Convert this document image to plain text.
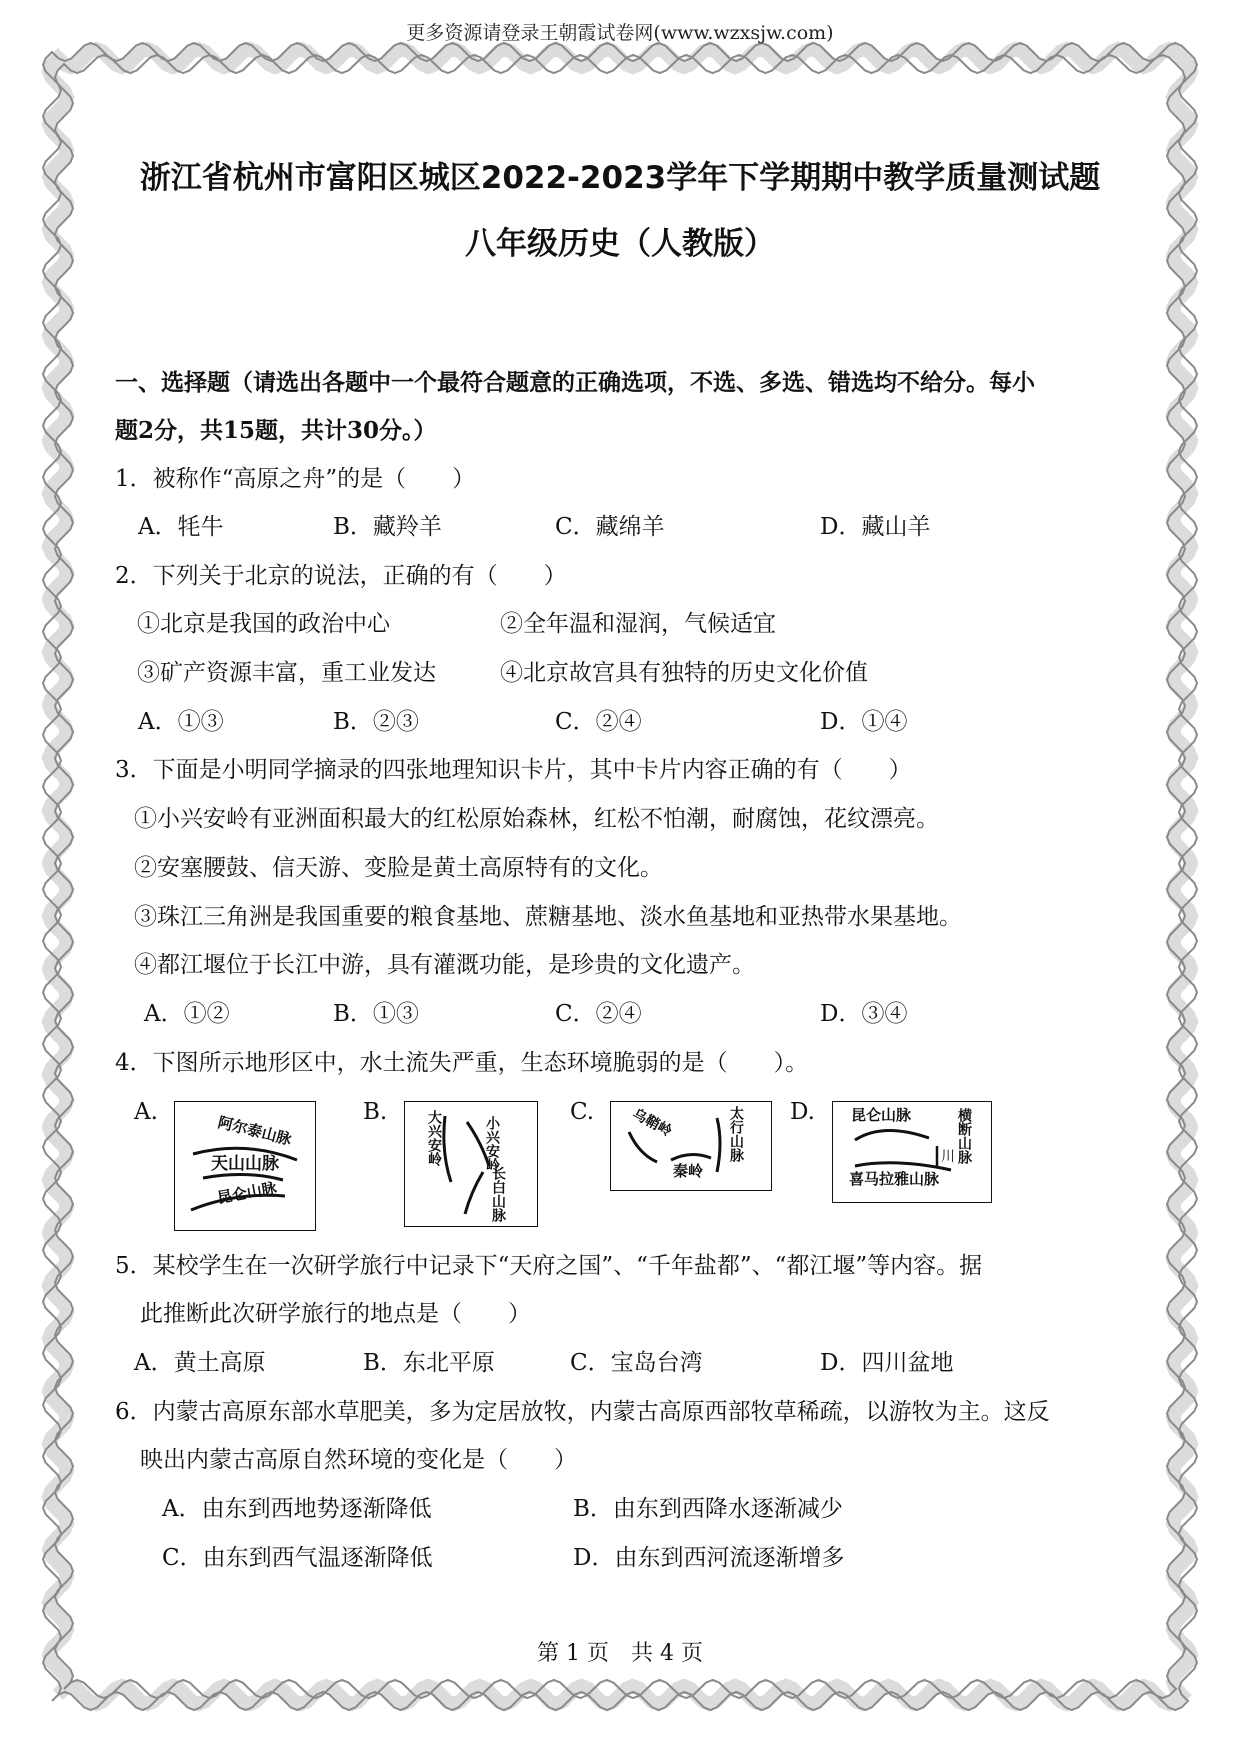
更多资源请登录王朝霞试卷网(www.wzxsjw.com)
浙江省杭州市富阳区城区2022-2023学年下学期期中教学质量测试题
八年级历史（人教版）
一、选择题（请选出各题中一个最符合题意的正确选项，不选、多选、错选均不给分。每小
题2分，共15题，共计30分。）
1．被称作“高原之舟”的是（　　）
A．牦牛	B．藏羚羊	C．藏绵羊	D．藏山羊
2．下列关于北京的说法，正确的有（　　）
①北京是我国的政治中心	②全年温和湿润，气候适宜
③矿产资源丰富，重工业发达	④北京故宫具有独特的历史文化价值
A．①③	B．②③	C．②④	D．①④
3．下面是小明同学摘录的四张地理知识卡片，其中卡片内容正确的有（　　）
①小兴安岭有亚洲面积最大的红松原始森林，红松不怕潮，耐腐蚀，花纹漂亮。
②安塞腰鼓、信天游、变脸是黄土高原特有的文化。
③珠江三角洲是我国重要的粮食基地、蔗糖基地、淡水鱼基地和亚热带水果基地。
④都江堰位于长江中游，具有灌溉功能，是珍贵的文化遗产。
A．①②	B．①③	C．②④	D．③④
4．下图所示地形区中，水土流失严重，生态环境脆弱的是（　　）。
A.	B.	C.	D.
阿尔泰山脉
天山山脉
昆仑山脉
大兴安岭	小兴安岭
长白山脉
乌鞘岭
秦岭
太行山脉	昆仑山脉	横断山脉
川
喜马拉雅山脉
5．某校学生在一次研学旅行中记录下“天府之国”、“千年盐都”、“都江堰”等内容。据
此推断此次研学旅行的地点是（　　）
A．黄土高原	B．东北平原	C．宝岛台湾	D．四川盆地
6．内蒙古高原东部水草肥美，多为定居放牧，内蒙古高原西部牧草稀疏，以游牧为主。这反
映出内蒙古高原自然环境的变化是（　　）
A．由东到西地势逐渐降低	B．由东到西降水逐渐减少
C．由东到西气温逐渐降低	D．由东到西河流逐渐增多
第 1 页　共 4 页
